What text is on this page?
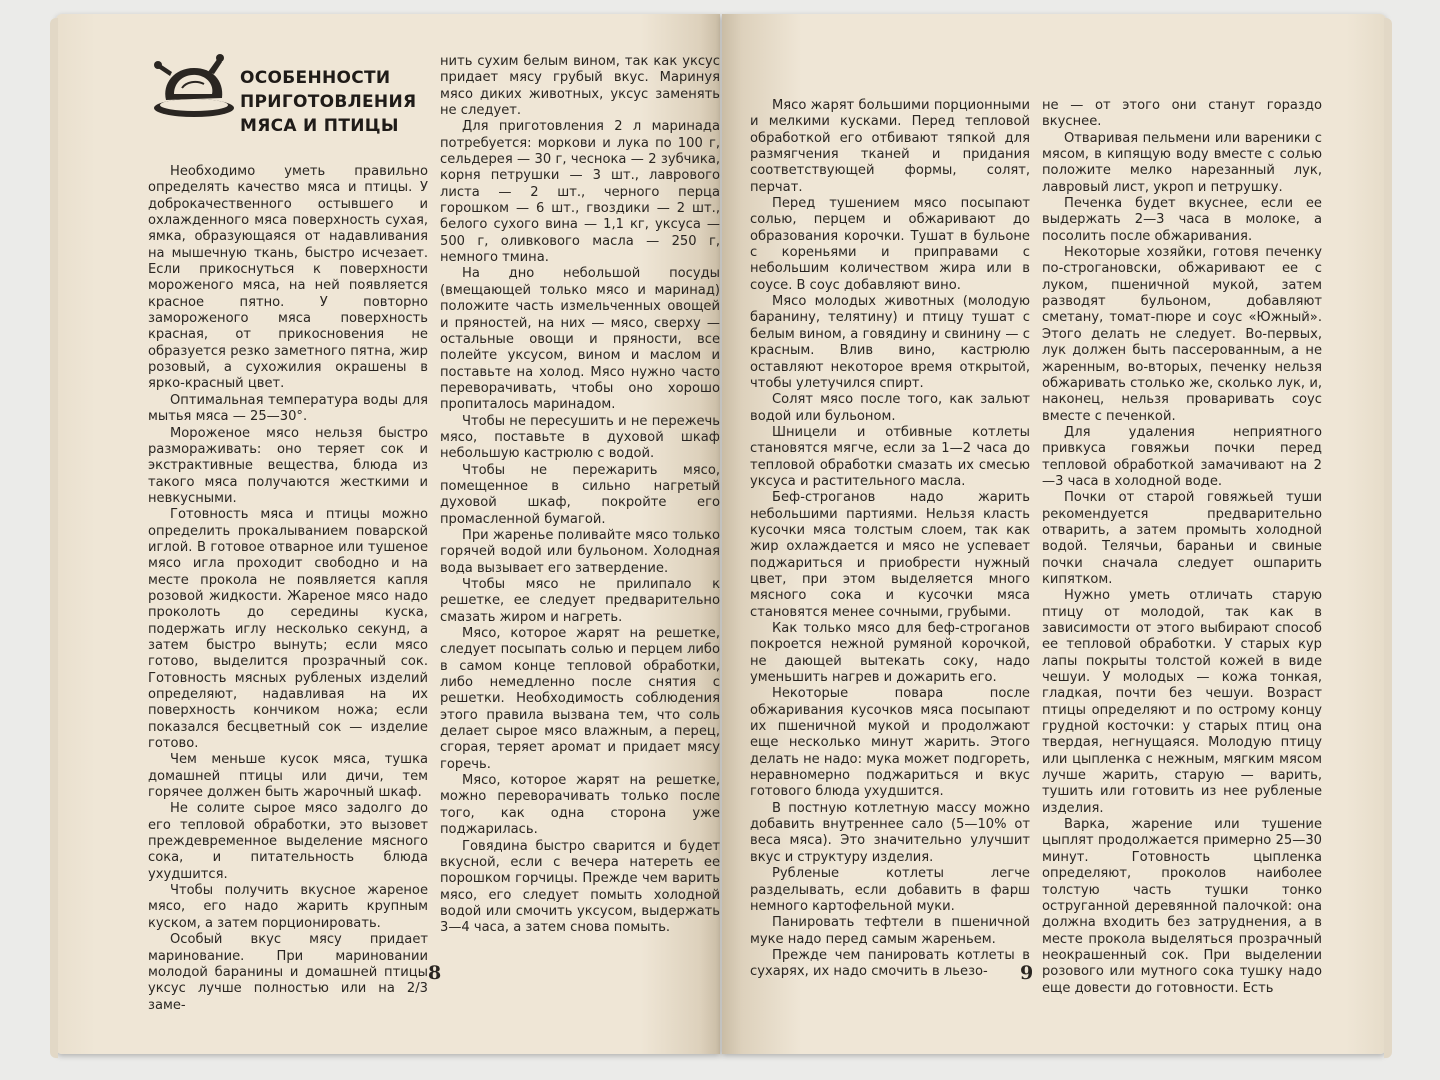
ОСОБЕННОСТИ
ПРИГОТОВЛЕНИЯ
МЯСА И ПТИЦЫ

Необходимо уметь правильно определять качество мяса и птицы. У доброкачественного остывшего и охлажденного мяса поверхность сухая, ямка, образующаяся от надавливания на мышечную ткань, быстро исчезает. Если прикоснуться к поверхности мороженого мяса, на ней появляется красное пятно. У повторно замороженого мяса поверхность красная, от прикосновения не образуется резко заметного пятна, жир розовый, а сухожилия окрашены в ярко-красный цвет.

Оптимальная температура воды для мытья мяса — 25—30°.

Мороженое мясо нельзя быстро размораживать: оно теряет сок и экстрактивные вещества, блюда из такого мяса получаются жесткими и невкусными.

Готовность мяса и птицы можно определить прокалыванием поварской иглой. В готовое отварное или тушеное мясо игла проходит свободно и на месте прокола не появляется капля розовой жидкости. Жареное мясо надо проколоть до середины куска, подержать иглу несколько секунд, а затем быстро вынуть; если мясо готово, выделится прозрачный сок. Готовность мясных рубленых изделий определяют, надавливая на их поверхность кончиком ножа; если показался бесцветный сок — изделие готово.

Чем меньше кусок мяса, тушка домашней птицы или дичи, тем горячее должен быть жарочный шкаф.

Не солите сырое мясо задолго до его тепловой обработки, это вызовет преждевременное выделение мясного сока, и питательность блюда ухудшится.

Чтобы получить вкусное жареное мясо, его надо жарить крупным куском, а затем порционировать.

Особый вкус мясу придает маринование. При мариновании молодой баранины и домашней птицы уксус лучше полностью или на 2/3 заме-

нить сухим белым вином, так как уксус придает мясу грубый вкус. Маринуя мясо диких животных, уксус заменять не следует.

Для приготовления 2 л маринада потребуется: моркови и лука по 100 г, сельдерея — 30 г, чеснока — 2 зубчика, корня петрушки — 3 шт., лаврового листа — 2 шт., черного перца горошком — 6 шт., гвоздики — 2 шт., белого сухого вина — 1,1 кг, уксуса — 500 г, оливкового масла — 250 г, немного тмина.

На дно небольшой посуды (вмещающей только мясо и маринад) положите часть измельченных овощей и пряностей, на них — мясо, сверху — остальные овощи и пряности, все полейте уксусом, вином и маслом и поставьте на холод. Мясо нужно часто переворачивать, чтобы оно хорошо пропиталось маринадом.

Чтобы не пересушить и не пережечь мясо, поставьте в духовой шкаф небольшую кастрюлю с водой.

Чтобы не пережарить мясо, помещенное в сильно нагретый духовой шкаф, покройте его промасленной бумагой.

При жаренье поливайте мясо только горячей водой или бульоном. Холодная вода вызывает его затвердение.

Чтобы мясо не прилипало к решетке, ее следует предварительно смазать жиром и нагреть.

Мясо, которое жарят на решетке, следует посыпать солью и перцем либо в самом конце тепловой обработки, либо немедленно после снятия с решетки. Необходимость соблюдения этого правила вызвана тем, что соль делает сырое мясо влажным, а перец, сгорая, теряет аромат и придает мясу горечь.

Мясо, которое жарят на решетке, можно переворачивать только после того, как одна сторона уже поджарилась.

Говядина быстро сварится и будет вкусной, если с вечера натереть ее порошком горчицы. Прежде чем варить мясо, его следует помыть холодной водой или смочить уксусом, выдержать 3—4 часа, а затем снова помыть.

8

Мясо жарят большими порционными и мелкими кусками. Перед тепловой обработкой его отбивают тяпкой для размягчения тканей и придания соответствующей формы, солят, перчат.

Перед тушением мясо посыпают солью, перцем и обжаривают до образования корочки. Тушат в бульоне с кореньями и приправами с небольшим количеством жира или в соусе. В соус добавляют вино.

Мясо молодых животных (молодую баранину, телятину) и птицу тушат с белым вином, а говядину и свинину — с красным. Влив вино, кастрюлю оставляют некоторое время открытой, чтобы улетучился спирт.

Солят мясо после того, как зальют водой или бульоном.

Шницели и отбивные котлеты становятся мягче, если за 1—2 часа до тепловой обработки смазать их смесью уксуса и растительного масла.

Беф-строганов надо жарить небольшими партиями. Нельзя класть кусочки мяса толстым слоем, так как жир охлаждается и мясо не успевает поджариться и приобрести нужный цвет, при этом выделяется много мясного сока и кусочки мяса становятся менее сочными, грубыми.

Как только мясо для беф-строганов покроется нежной румяной корочкой, не дающей вытекать соку, надо уменьшить нагрев и дожарить его.

Некоторые повара после обжаривания кусочков мяса посыпают их пшеничной мукой и продолжают еще несколько минут жарить. Этого делать не надо: мука может подгореть, неравномерно поджариться и вкус готового блюда ухудшится.

В постную котлетную массу можно добавить внутреннее сало (5—10% от веса мяса). Это значительно улучшит вкус и структуру изделия.

Рубленые котлеты легче разделывать, если добавить в фарш немного картофельной муки.

Панировать тефтели в пшеничной муке надо перед самым жареньем.

Прежде чем панировать котлеты в сухарях, их надо смочить в льезо-

не — от этого они станут гораздо вкуснее.

Отваривая пельмени или вареники с мясом, в кипящую воду вместе с солью положите мелко нарезанный лук, лавровый лист, укроп и петрушку.

Печенка будет вкуснее, если ее выдержать 2—3 часа в молоке, а посолить после обжаривания.

Некоторые хозяйки, готовя печенку по-строгановски, обжаривают ее с луком, пшеничной мукой, затем разводят бульоном, добавляют сметану, томат-пюре и соус «Южный». Этого делать не следует. Во-первых, лук должен быть пассерованным, а не жаренным, во-вторых, печенку нельзя обжаривать столько же, сколько лук, и, наконец, нельзя проваривать соус вместе с печенкой.

Для удаления неприятного привкуса говяжьи почки перед тепловой обработкой замачивают на 2—3 часа в холодной воде.

Почки от старой говяжьей туши рекомендуется предварительно отварить, а затем промыть холодной водой. Телячьи, бараньи и свиные почки сначала следует ошпарить кипятком.

Нужно уметь отличать старую птицу от молодой, так как в зависимости от этого выбирают способ ее тепловой обработки. У старых кур лапы покрыты толстой кожей в виде чешуи. У молодых — кожа тонкая, гладкая, почти без чешуи. Возраст птицы определяют и по острому концу грудной косточки: у старых птиц она твердая, негнущаяся. Молодую птицу или цыпленка с нежным, мягким мясом лучше жарить, старую — варить, тушить или готовить из нее рубленые изделия.

Варка, жарение или тушение цыплят продолжается примерно 25—30 минут. Готовность цыпленка определяют, проколов наиболее толстую часть тушки тонко оструганной деревянной палочкой: она должна входить без затруднения, а в месте прокола выделяться прозрачный неокрашенный сок. При выделении розового или мутного сока тушку надо еще довести до готовности. Есть

9
